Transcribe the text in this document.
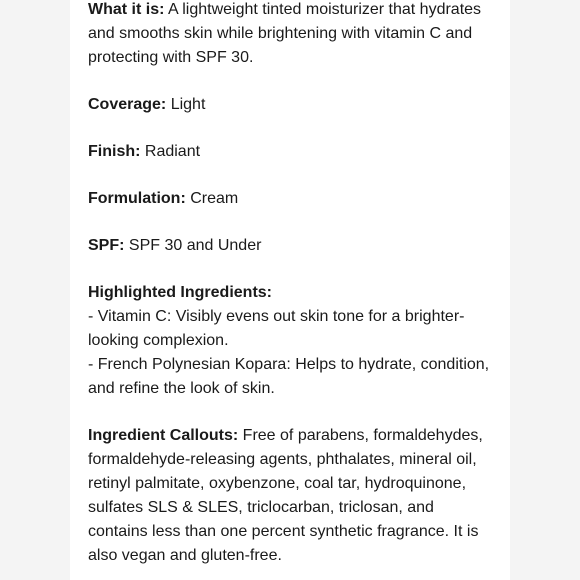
What it is: A lightweight tinted moisturizer that hydrates
and smooths skin while brightening with vitamin C and
protecting with SPF 30.
Coverage: Light
Finish: Radiant
Formulation: Cream
SPF: SPF 30 and Under
Highlighted Ingredients:
- Vitamin C: Visibly evens out skin tone for a brighter-
looking complexion.
- French Polynesian Kopara: Helps to hydrate, condition,
and refine the look of skin.
Ingredient Callouts: Free of parabens, formaldehydes,
formaldehyde-releasing agents, phthalates, mineral oil,
retinyl palmitate, oxybenzone, coal tar, hydroquinone,
sulfates SLS & SLES, triclocarban, triclosan, and
contains less than one percent synthetic fragrance. It is
also vegan and gluten-free.
